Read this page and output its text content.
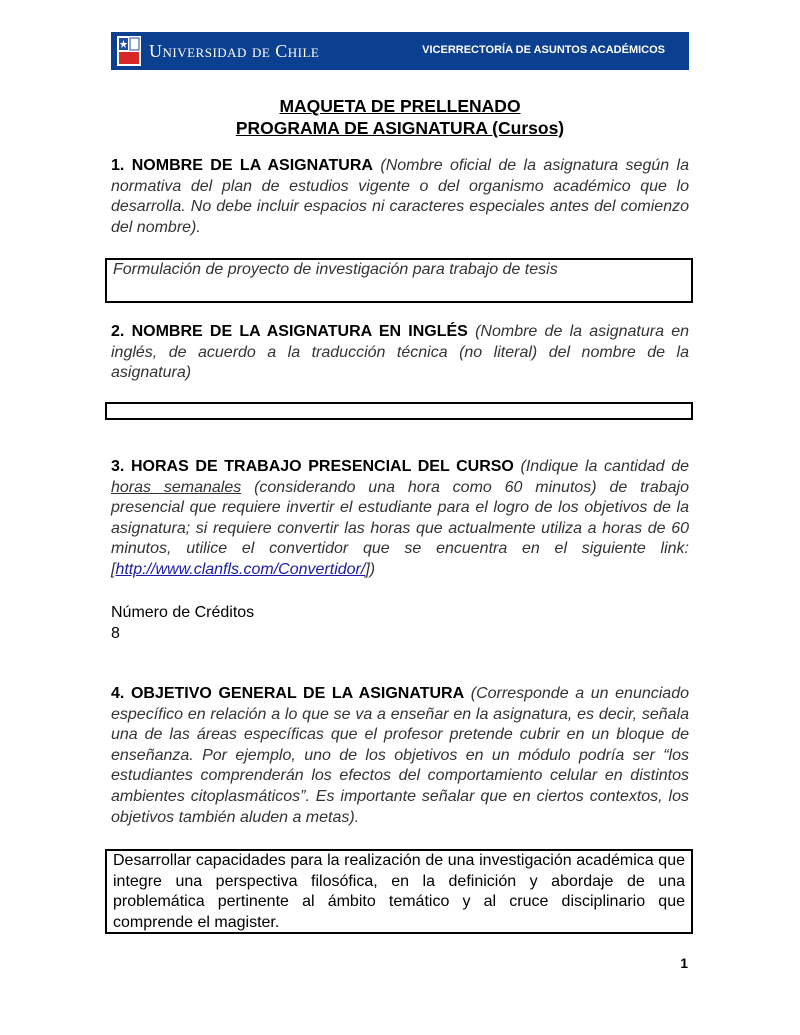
Universidad de Chile	VICERRECTORÍA DE ASUNTOS ACADÉMICOS
MAQUETA DE PRELLENADO
PROGRAMA DE ASIGNATURA (Cursos)
1. NOMBRE DE LA ASIGNATURA (Nombre oficial de la asignatura según la normativa del plan de estudios vigente o del organismo académico que lo desarrolla. No debe incluir espacios ni caracteres especiales antes del comienzo del nombre).
Formulación de proyecto de investigación para trabajo de tesis
2. NOMBRE DE LA ASIGNATURA EN INGLÉS (Nombre de la asignatura en inglés, de acuerdo a la traducción técnica (no literal) del nombre de la asignatura)
3. HORAS DE TRABAJO PRESENCIAL DEL CURSO (Indique la cantidad de horas semanales (considerando una hora como 60 minutos) de trabajo presencial que requiere invertir el estudiante para el logro de los objetivos de la asignatura; si requiere convertir las horas que actualmente utiliza a horas de 60 minutos, utilice el convertidor que se encuentra en el siguiente link: [http://www.clanfls.com/Convertidor/])
Número de Créditos
8
4. OBJETIVO GENERAL DE LA ASIGNATURA (Corresponde a un enunciado específico en relación a lo que se va a enseñar en la asignatura, es decir, señala una de las áreas específicas que el profesor pretende cubrir en un bloque de enseñanza. Por ejemplo, uno de los objetivos en un módulo podría ser “los estudiantes comprenderán los efectos del comportamiento celular en distintos ambientes citoplasmáticos”. Es importante señalar que en ciertos contextos, los objetivos también aluden a metas).
Desarrollar capacidades para la realización de una investigación académica que integre una perspectiva filosófica, en la definición y abordaje de una problemática pertinente al ámbito temático y al cruce disciplinario que comprende el magister.
1
